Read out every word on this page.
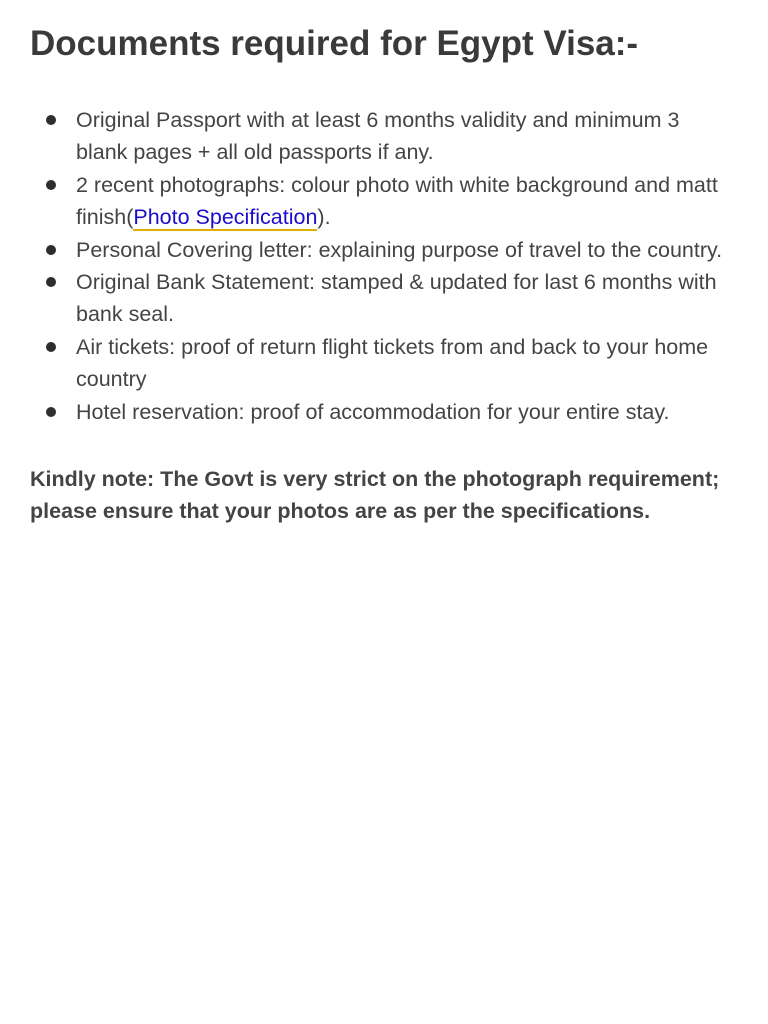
Documents required for Egypt Visa:-
Original Passport with at least 6 months validity and minimum 3 blank pages + all old passports if any.
2 recent photographs: colour photo with white background and matt finish(Photo Specification).
Personal Covering letter: explaining purpose of travel to the country.
Original Bank Statement: stamped & updated for last 6 months with bank seal.
Air tickets: proof of return flight tickets from and back to your home country
Hotel reservation: proof of accommodation for your entire stay.

Kindly note: The Govt is very strict on the photograph requirement; please ensure that your photos are as per the specifications.
